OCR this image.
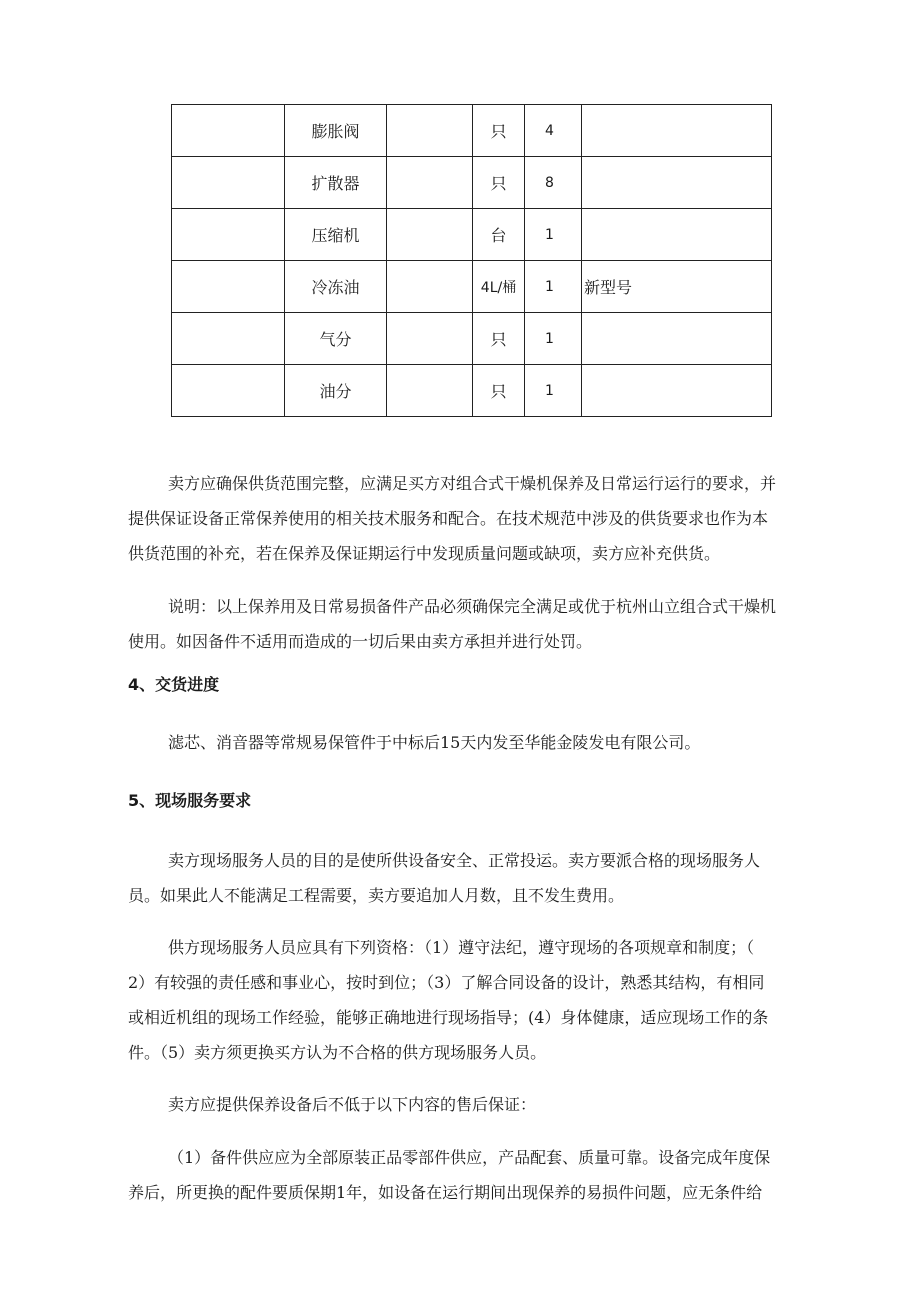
	膨胀阀		只	4	
	扩散器		只	8	
	压缩机		台	1	
	冷冻油		4L/桶	1	新型号
	气分		只	1	
	油分		只	1	
卖方应确保供货范围完整，应满足买方对组合式干燥机保养及日常运行运行的要求，并
提供保证设备正常保养使用的相关技术服务和配合。在技术规范中涉及的供货要求也作为本
供货范围的补充，若在保养及保证期运行中发现质量问题或缺项，卖方应补充供货。
说明：以上保养用及日常易损备件产品必须确保完全满足或优于杭州山立组合式干燥机
使用。如因备件不适用而造成的一切后果由卖方承担并进行处罚。
4、交货进度
滤芯、消音器等常规易保管件于中标后15天内发至华能金陵发电有限公司。
5、现场服务要求
卖方现场服务人员的目的是使所供设备安全、正常投运。卖方要派合格的现场服务人
员。如果此人不能满足工程需要，卖方要追加人月数，且不发生费用。
供方现场服务人员应具有下列资格：（1）遵守法纪，遵守现场的各项规章和制度；（
2）有较强的责任感和事业心，按时到位；（3）了解合同设备的设计，熟悉其结构，有相同
或相近机组的现场工作经验，能够正确地进行现场指导；(4）身体健康，适应现场工作的条
件。（5）卖方须更换买方认为不合格的供方现场服务人员。
卖方应提供保养设备后不低于以下内容的售后保证：
（1）备件供应应为全部原装正品零部件供应，产品配套、质量可靠。设备完成年度保
养后，所更换的配件要质保期1年，如设备在运行期间出现保养的易损件问题，应无条件给
